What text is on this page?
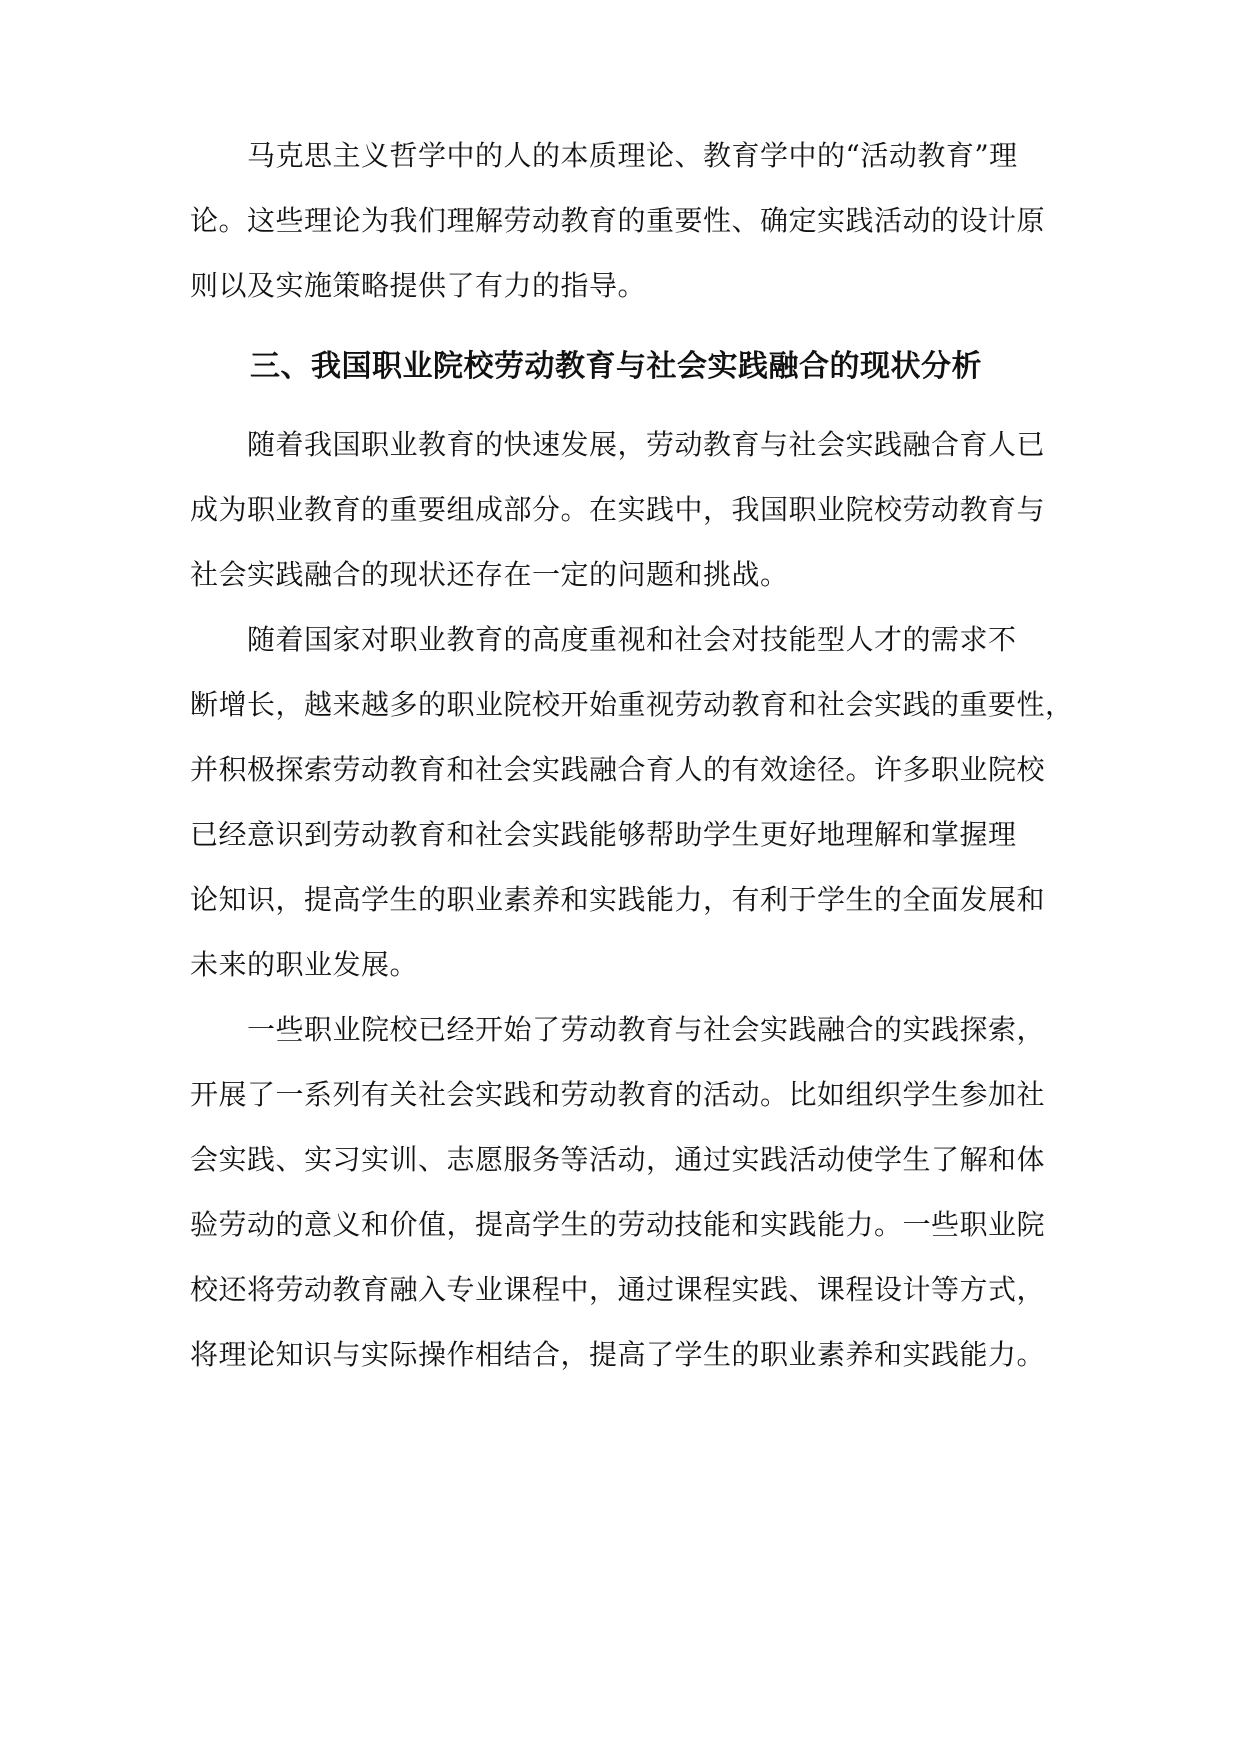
马克思主义哲学中的人的本质理论、教育学中的“活动教育”理
论。这些理论为我们理解劳动教育的重要性、确定实践活动的设计原
则以及实施策略提供了有力的指导。
三、我国职业院校劳动教育与社会实践融合的现状分析
随着我国职业教育的快速发展，劳动教育与社会实践融合育人已
成为职业教育的重要组成部分。在实践中，我国职业院校劳动教育与
社会实践融合的现状还存在一定的问题和挑战。
随着国家对职业教育的高度重视和社会对技能型人才的需求不
断增长，越来越多的职业院校开始重视劳动教育和社会实践的重要性，
并积极探索劳动教育和社会实践融合育人的有效途径。许多职业院校
已经意识到劳动教育和社会实践能够帮助学生更好地理解和掌握理
论知识，提高学生的职业素养和实践能力，有利于学生的全面发展和
未来的职业发展。
一些职业院校已经开始了劳动教育与社会实践融合的实践探索，
开展了一系列有关社会实践和劳动教育的活动。比如组织学生参加社
会实践、实习实训、志愿服务等活动，通过实践活动使学生了解和体
验劳动的意义和价值，提高学生的劳动技能和实践能力。一些职业院
校还将劳动教育融入专业课程中，通过课程实践、课程设计等方式，
将理论知识与实际操作相结合，提高了学生的职业素养和实践能力。
